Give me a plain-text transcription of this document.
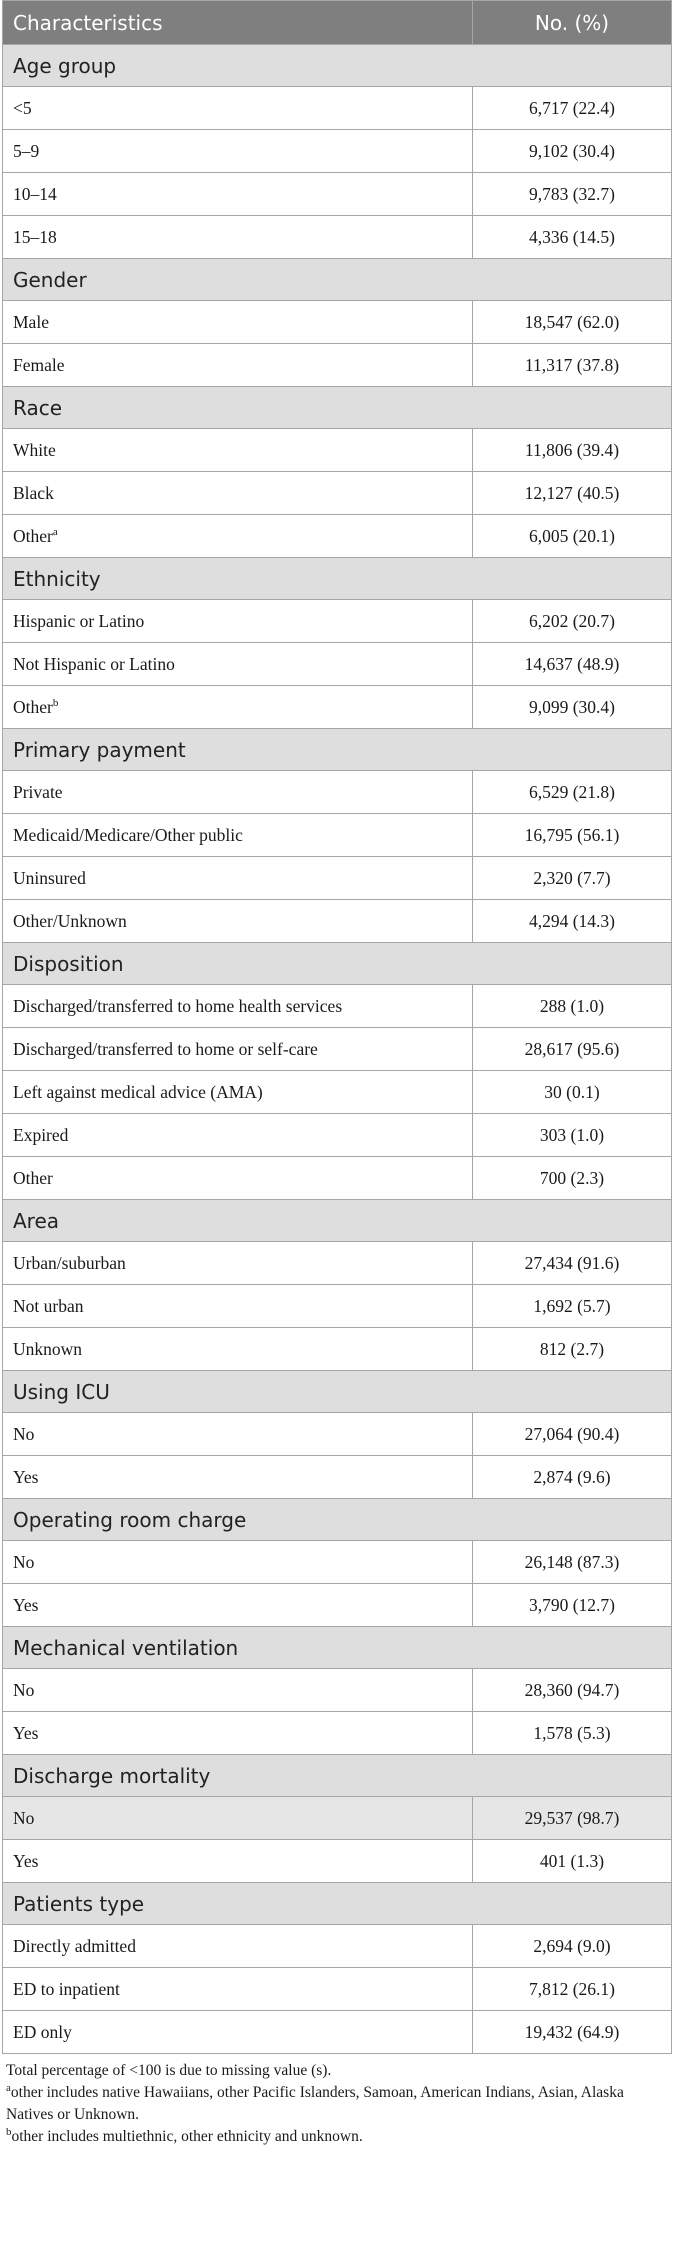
Characteristics	No. (%)
Age group	
<5	6,717 (22.4)
5–9	9,102 (30.4)
10–14	9,783 (32.7)
15–18	4,336 (14.5)
Gender	
Male	18,547 (62.0)
Female	11,317 (37.8)
Race	
White	11,806 (39.4)
Black	12,127 (40.5)
Other$^a$	6,005 (20.1)
Ethnicity	
Hispanic or Latino	6,202 (20.7)
Not Hispanic or Latino	14,637 (48.9)
Other$^b$	9,099 (30.4)
Primary payment	
Private	6,529 (21.8)
Medicaid/Medicare/Other public	16,795 (56.1)
Uninsured	2,320 (7.7)
Other/Unknown	4,294 (14.3)
Disposition	
Discharged/transferred to home health services	288 (1.0)
Discharged/transferred to home or self-care	28,617 (95.6)
Left against medical advice (AMA)	30 (0.1)
Expired	303 (1.0)
Other	700 (2.3)
Area	
Urban/suburban	27,434 (91.6)
Not urban	1,692 (5.7)
Unknown	812 (2.7)
Using ICU	
No	27,064 (90.4)
Yes	2,874 (9.6)
Operating room charge	
No	26,148 (87.3)
Yes	3,790 (12.7)
Mechanical ventilation	
No	28,360 (94.7)
Yes	1,578 (5.3)
Discharge mortality	
No	29,537 (98.7)
Yes	401 (1.3)
Patients type	
Directly admitted	2,694 (9.0)
ED to inpatient	7,812 (26.1)
ED only	19,432 (64.9)
Total percentage of <100 is due to missing value (s).
$^a$other includes native Hawaiians, other Pacific Islanders, Samoan, American Indians, Asian, Alaska Natives or Unknown.
$^b$other includes multiethnic, other ethnicity and unknown.
